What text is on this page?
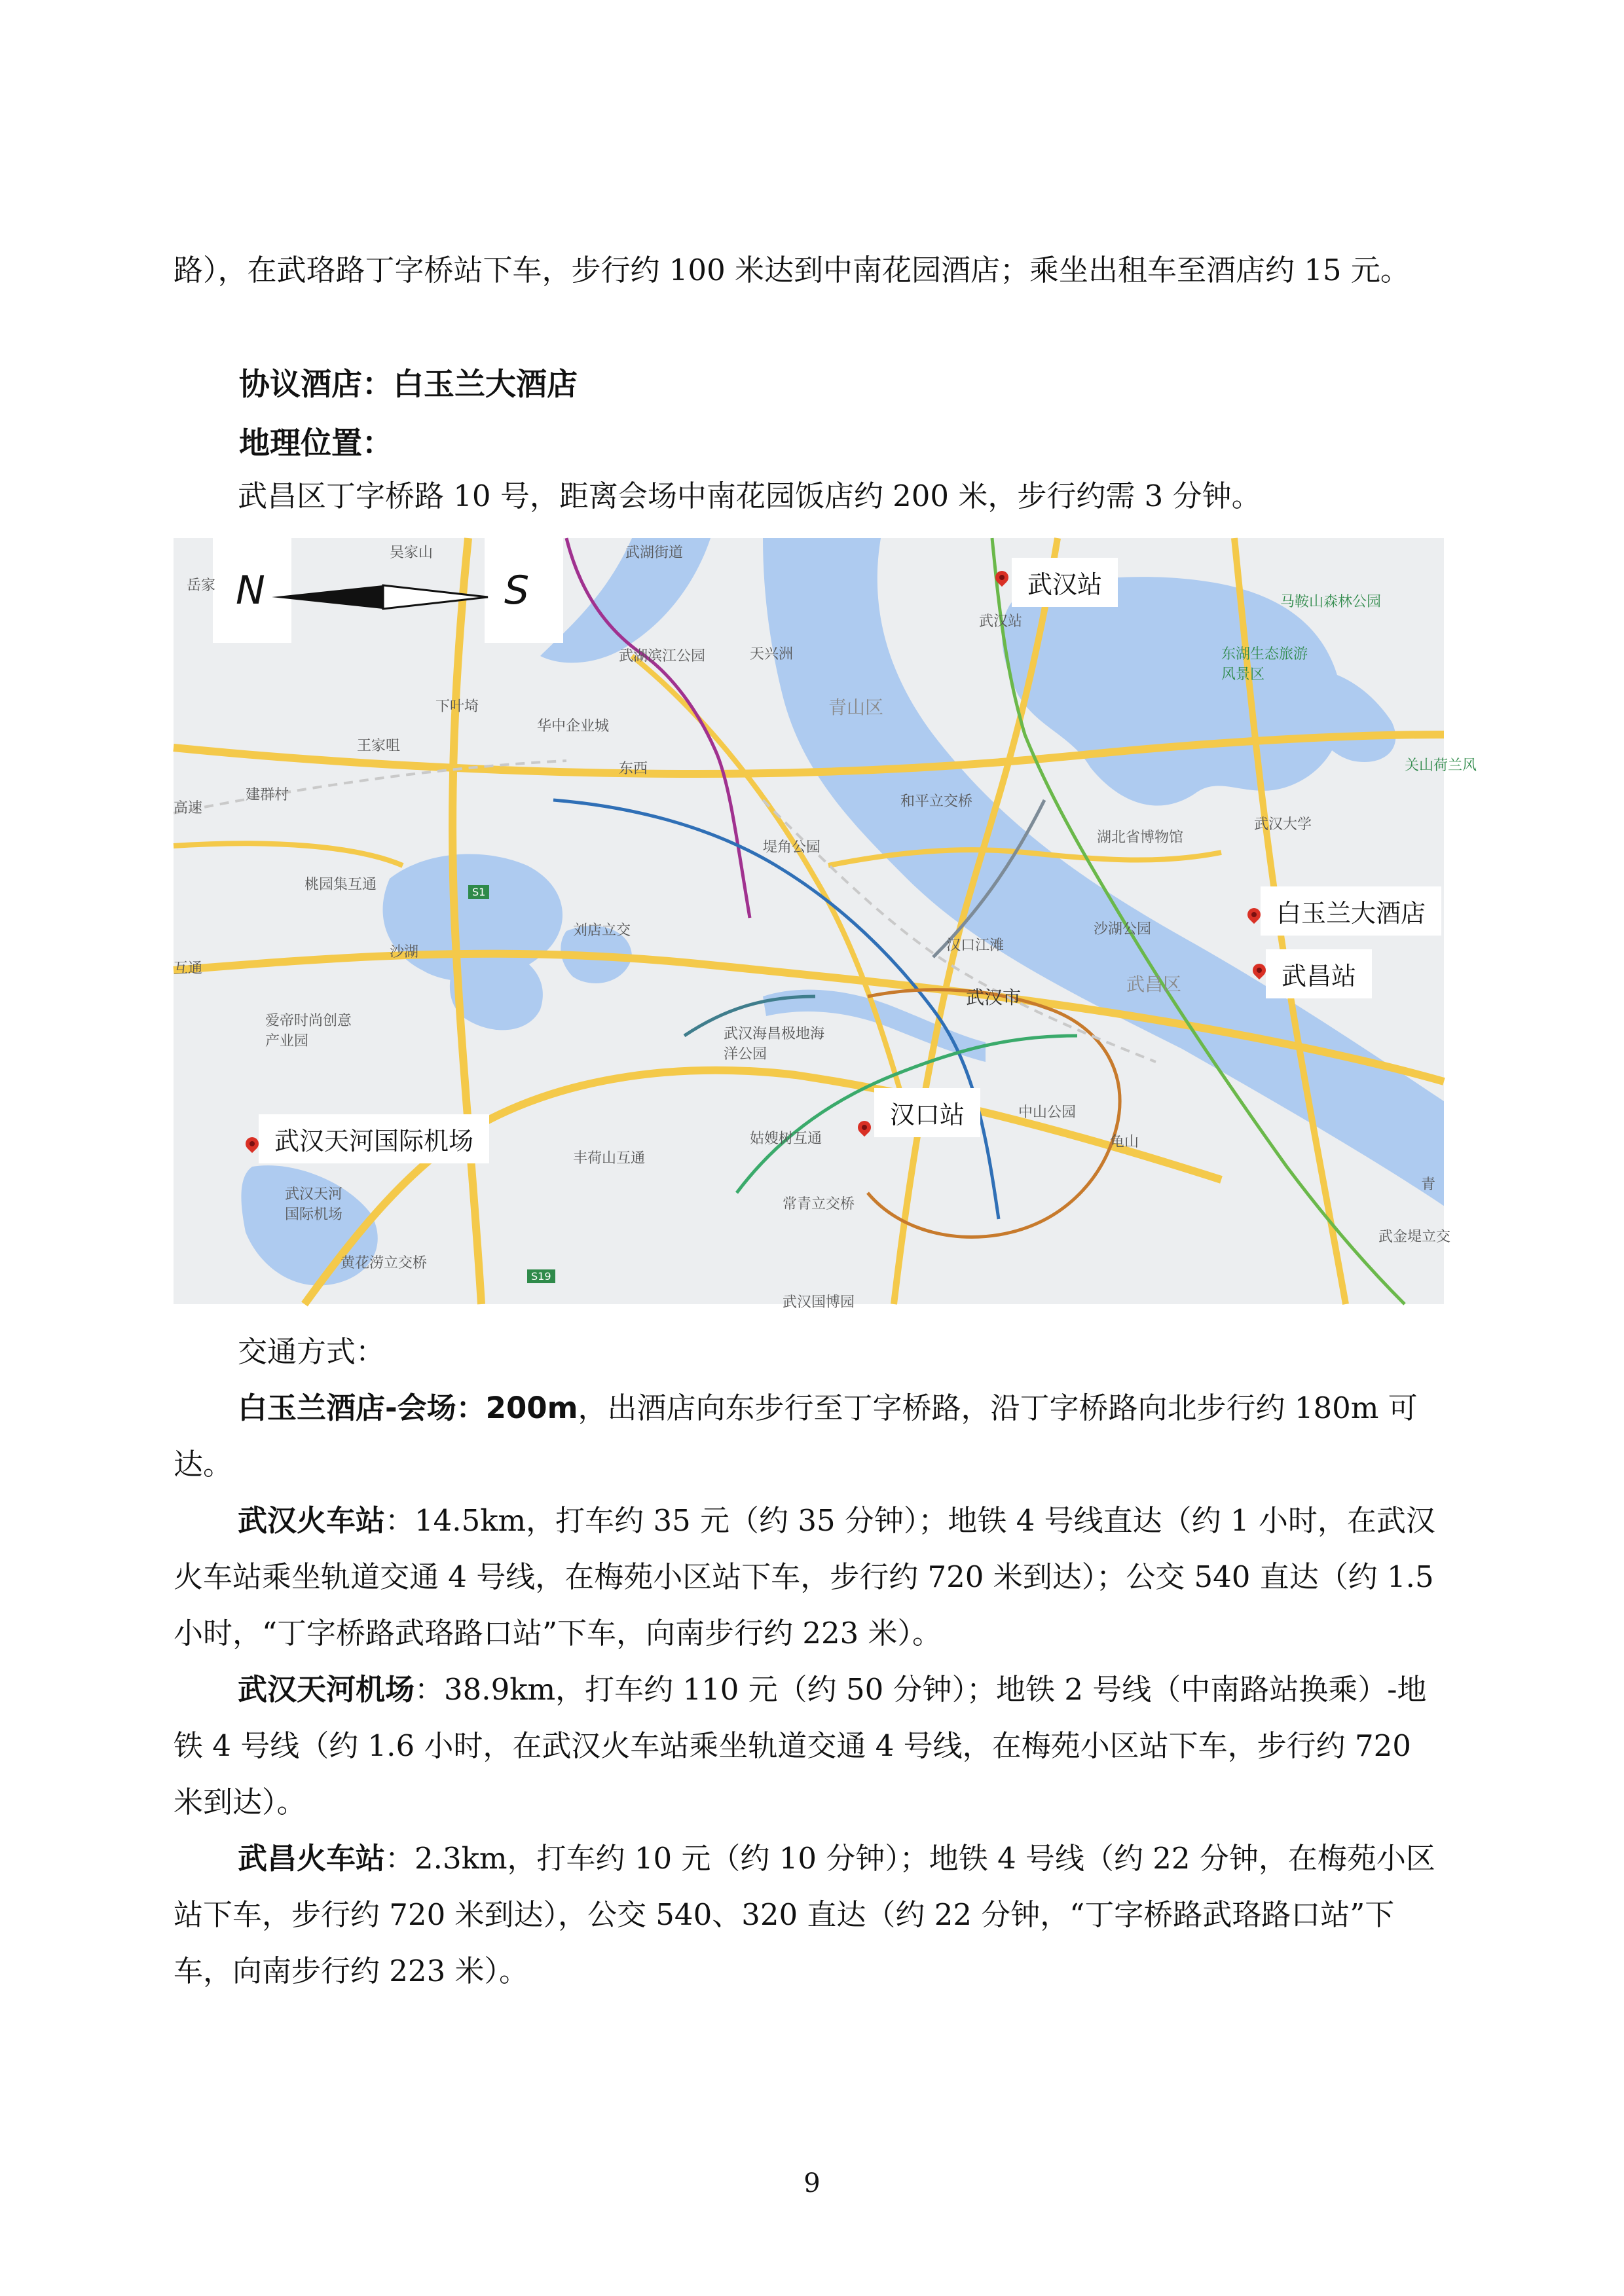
路），在武珞路丁字桥站下车，步行约 100 米达到中南花园酒店；乘坐出租车至酒店约 15 元。

协议酒店：白玉兰大酒店

地理位置：

武昌区丁字桥路 10 号，距离会场中南花园饭店约 200 米，步行约需 3 分钟。

N	S
吴家山
岳家
武湖街道
武湖滨江公园	天兴洲
华中企业城
下叶埼
王家咀
东西
建群村
高速
青山区
和平立交桥
堤角公园
桃园集互通
刘店立交
沙湖
互通
爱帝时尚创意产业园	武汉海昌极地海洋公园
汉口江滩
武汉市
武昌区
沙湖公园
湖北省博物馆
武汉大学
东湖生态旅游风景区
马鞍山森林公园
关山荷兰风
中山公园
龟山
姑嫂树互通
常青立交桥
丰荷山互通
黄花涝立交桥
武汉天河国际机场
武汉国博园
武金堤立交
青
武汉站
S1
S19
武汉站
白玉兰大酒店
武昌站
汉口站
武汉天河国际机场

交通方式：

白玉兰酒店-会场：200m，出酒店向东步行至丁字桥路，沿丁字桥路向北步行约 180m 可达。

武汉火车站：14.5km，打车约 35 元（约 35 分钟）；地铁 4 号线直达（约 1 小时，在武汉火车站乘坐轨道交通 4 号线，在梅苑小区站下车，步行约 720 米到达）；公交 540 直达（约 1.5 小时，“丁字桥路武珞路口站”下车，向南步行约 223 米）。

武汉天河机场：38.9km，打车约 110 元（约 50 分钟）；地铁 2 号线（中南路站换乘）-地铁 4 号线（约 1.6 小时，在武汉火车站乘坐轨道交通 4 号线，在梅苑小区站下车，步行约 720 米到达）。

武昌火车站：2.3km，打车约 10 元（约 10 分钟）；地铁 4 号线（约 22 分钟，在梅苑小区站下车，步行约 720 米到达），公交 540、320 直达（约 22 分钟，“丁字桥路武珞路口站”下车，向南步行约 223 米）。

9
